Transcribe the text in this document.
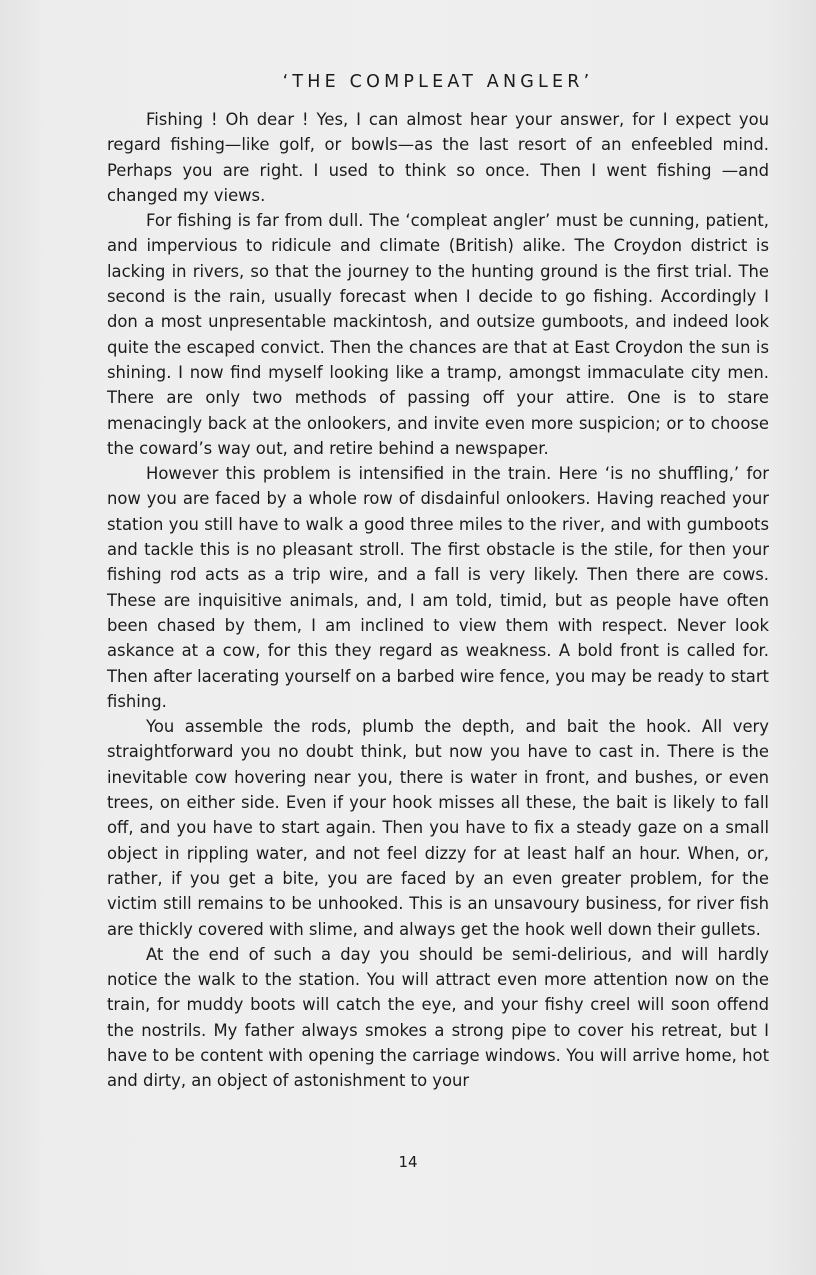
‘THE COMPLEAT ANGLER’

Fishing ! Oh dear ! Yes, I can almost hear your answer, for I expect you regard fishing—like golf, or bowls—as the last resort of an enfeebled mind. Perhaps you are right. I used to think so once. Then I went fishing —and changed my views.

For fishing is far from dull. The ‘compleat angler’ must be cunning, patient, and impervious to ridicule and climate (British) alike. The Croydon district is lacking in rivers, so that the journey to the hunting ground is the first trial. The second is the rain, usually forecast when I decide to go fishing. Accordingly I don a most unpresentable mackintosh, and outsize gumboots, and indeed look quite the escaped convict. Then the chances are that at East Croydon the sun is shining. I now find myself looking like a tramp, amongst immaculate city men. There are only two methods of passing off your attire. One is to stare menacingly back at the onlookers, and invite even more suspicion; or to choose the coward’s way out, and retire behind a newspaper.

However this problem is intensified in the train. Here ‘is no shuffling,’ for now you are faced by a whole row of disdainful onlookers. Having reached your station you still have to walk a good three miles to the river, and with gumboots and tackle this is no pleasant stroll. The first obstacle is the stile, for then your fishing rod acts as a trip wire, and a fall is very likely. Then there are cows. These are inquisitive animals, and, I am told, timid, but as people have often been chased by them, I am inclined to view them with respect. Never look askance at a cow, for this they regard as weakness. A bold front is called for. Then after lacerating yourself on a barbed wire fence, you may be ready to start fishing.

You assemble the rods, plumb the depth, and bait the hook. All very straightforward you no doubt think, but now you have to cast in. There is the inevitable cow hovering near you, there is water in front, and bushes, or even trees, on either side. Even if your hook misses all these, the bait is likely to fall off, and you have to start again. Then you have to fix a steady gaze on a small object in rippling water, and not feel dizzy for at least half an hour. When, or, rather, if you get a bite, you are faced by an even greater problem, for the victim still remains to be unhooked. This is an unsavoury business, for river fish are thickly covered with slime, and always get the hook well down their gullets.

At the end of such a day you should be semi-delirious, and will hardly notice the walk to the station. You will attract even more attention now on the train, for muddy boots will catch the eye, and your fishy creel will soon offend the nostrils. My father always smokes a strong pipe to cover his retreat, but I have to be content with opening the carriage windows. You will arrive home, hot and dirty, an object of astonishment to your

14
